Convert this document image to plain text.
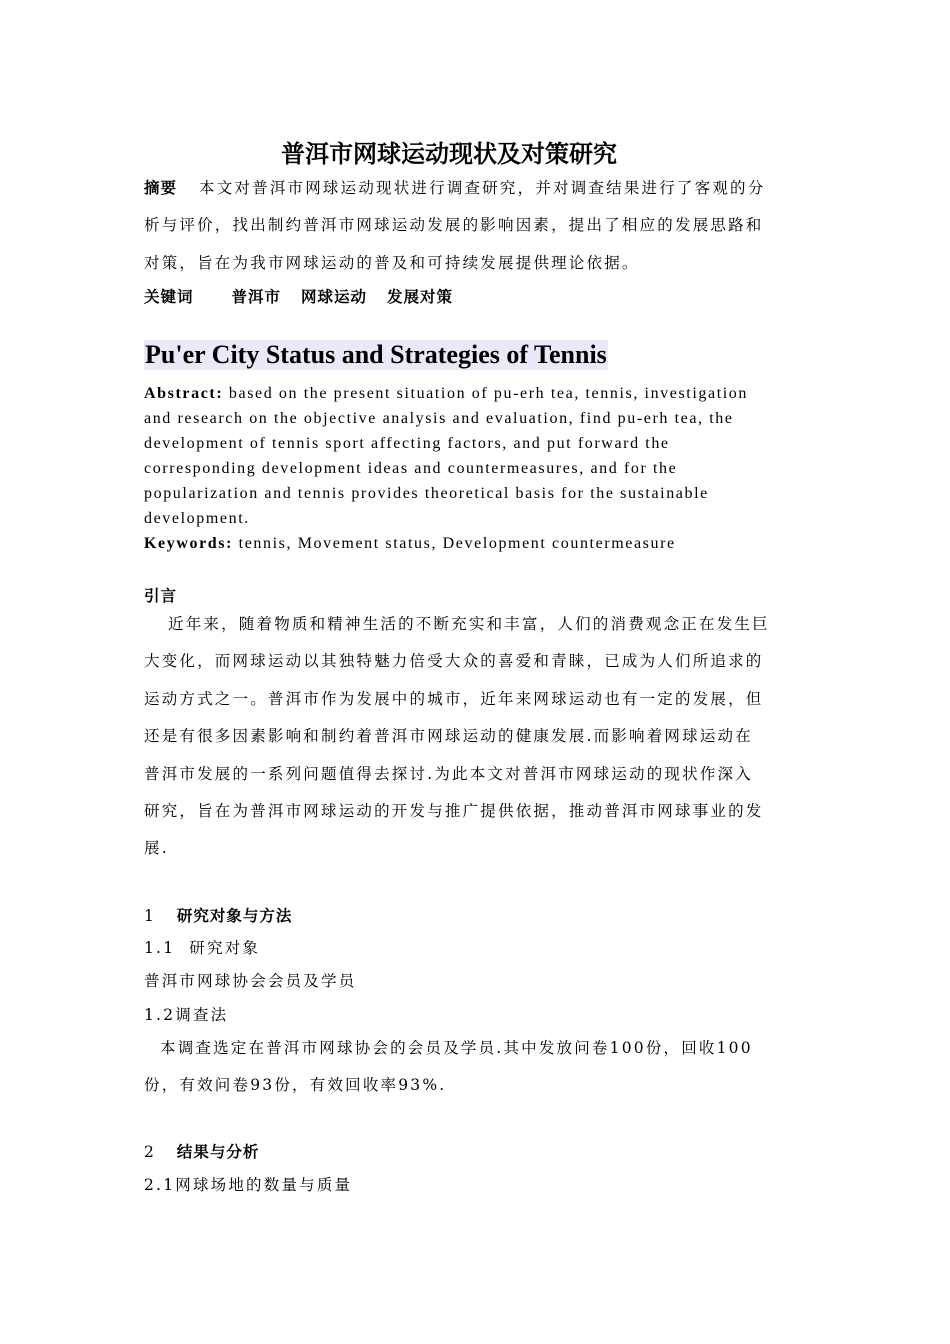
普洱市网球运动现状及对策研究
摘要 本文对普洱市网球运动现状进行调查研究，并对调查结果进行了客观的分
析与评价，找出制约普洱市网球运动发展的影响因素，提出了相应的发展思路和
对策，旨在为我市网球运动的普及和可持续发展提供理论依据。
关键词 普洱市 网球运动 发展对策
Pu'er City Status and Strategies of Tennis
Abstract: based on the present situation of pu-erh tea, tennis, investigation
and research on the objective analysis and evaluation, find pu-erh tea, the
development of tennis sport affecting factors, and put forward the
corresponding development ideas and countermeasures, and for the
popularization and tennis provides theoretical basis for the sustainable
development.
Keywords: tennis, Movement status, Development countermeasure
引言
近年来，随着物质和精神生活的不断充实和丰富，人们的消费观念正在发生巨
大变化，而网球运动以其独特魅力倍受大众的喜爱和青睐，已成为人们所追求的
运动方式之一。普洱市作为发展中的城市，近年来网球运动也有一定的发展，但
还是有很多因素影响和制约着普洱市网球运动的健康发展.而影响着网球运动在
普洱市发展的一系列问题值得去探讨.为此本文对普洱市网球运动的现状作深入
研究，旨在为普洱市网球运动的开发与推广提供依据，推动普洱市网球事业的发
展.
1 研究对象与方法
1.1 研究对象
普洱市网球协会会员及学员
1.2调查法
本调查选定在普洱市网球协会的会员及学员.其中发放问卷100份，回收100
份，有效问卷93份，有效回收率93%.
2 结果与分析
2.1网球场地的数量与质量
